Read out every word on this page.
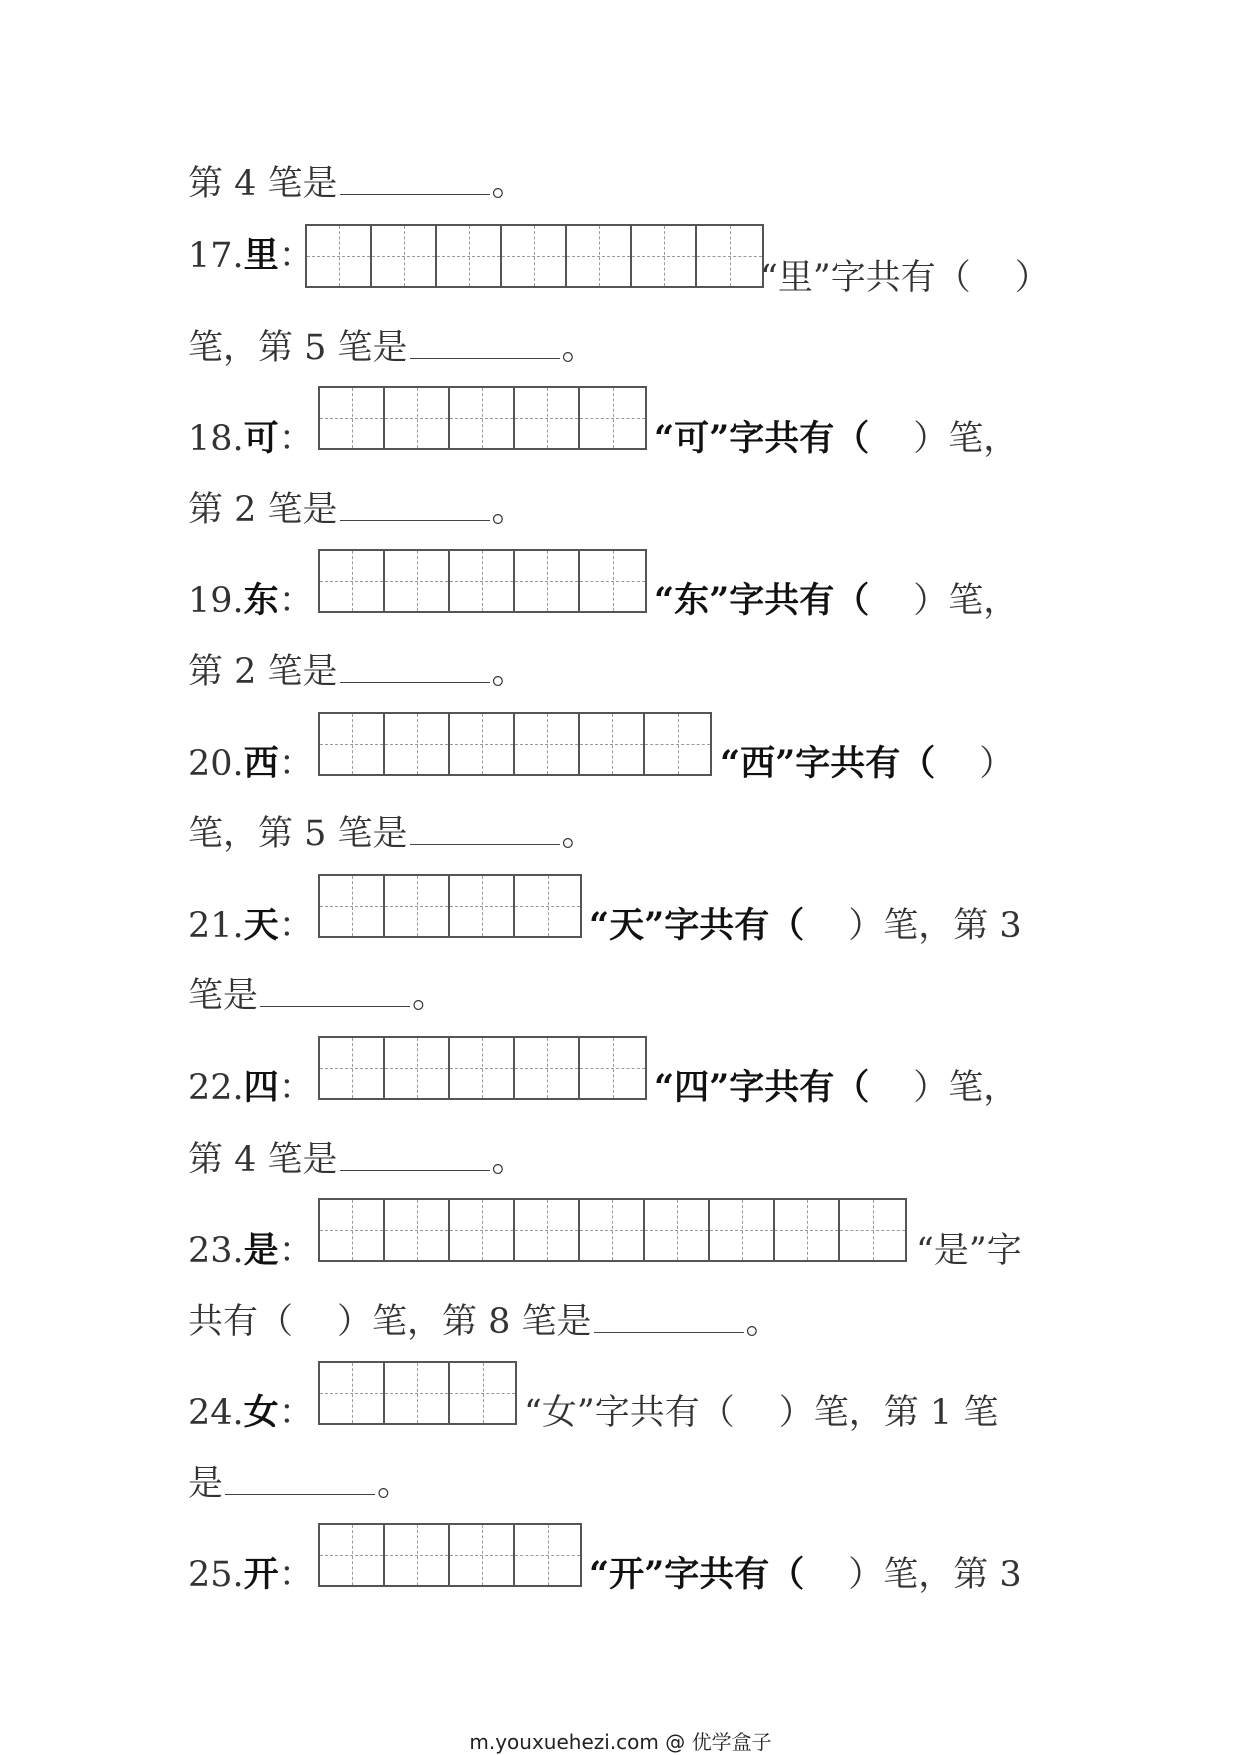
第 4 笔是	。
17.里：
“里”字共有（ ）
笔，第 5 笔是	。
18.可：	“可”字共有（ ）笔，
第 2 笔是	。
19.东：	“东”字共有（ ）笔，
第 2 笔是	。
20.西：	“西”字共有（ ）
笔，第 5 笔是	。
21.天：	“天”字共有（ ）笔，第 3
笔是	。
22.四：	“四”字共有（ ）笔，
第 4 笔是	。
23.是：	“是”字
共有（ ）笔，第 8 笔是	。
24.女：	“女”字共有（ ）笔，第 1 笔
是	。
25.开：	“开”字共有（ ）笔，第 3
m.youxuehezi.com @ 优学盒子
